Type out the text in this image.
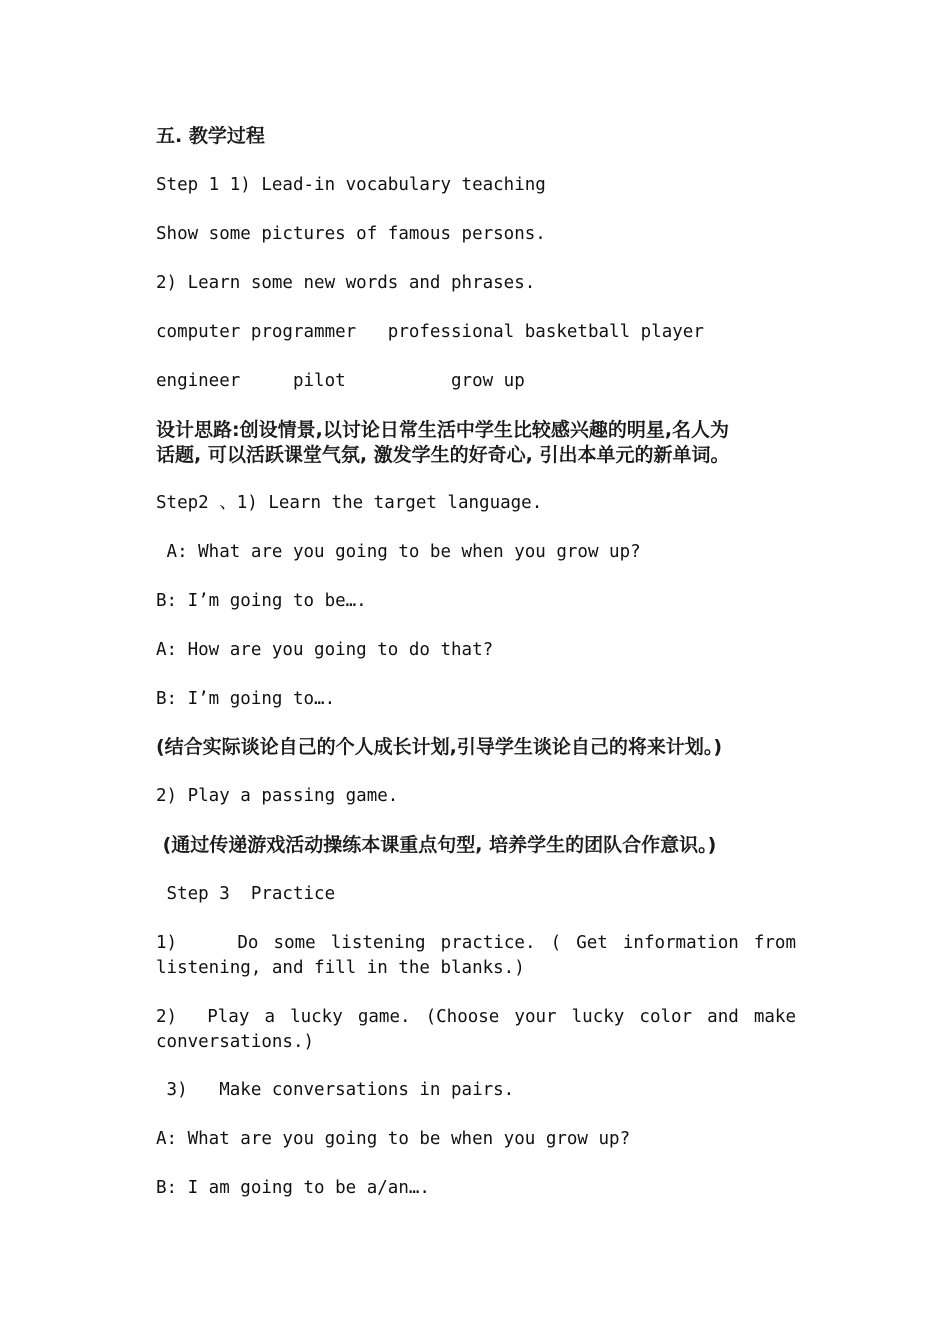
五. 教学过程

Step 1 1) Lead-in vocabulary teaching

Show some pictures of famous persons.

2) Learn some new words and phrases.

computer programmer   professional basketball player

engineer     pilot          grow up

设计思路:创设情景,以讨论日常生活中学生比较感兴趣的明星,名人为

话题, 可以活跃课堂气氛, 激发学生的好奇心, 引出本单元的新单词。

Step2 、1) Learn the target language.

A: What are you going to be when you grow up?

B: I’m going to be….

A: How are you going to do that?

B: I’m going to….

(结合实际谈论自己的个人成长计划,引导学生谈论自己的将来计划。)

2) Play a passing game.

(通过传递游戏活动操练本课重点句型, 培养学生的团队合作意识。)

Step 3  Practice

1)    Do some listening practice. ( Get information from listening, and fill in the blanks.)

2)  Play a lucky game. (Choose your lucky color and make conversations.)

3)   Make conversations in pairs.

A: What are you going to be when you grow up?

B: I am going to be a/an….
